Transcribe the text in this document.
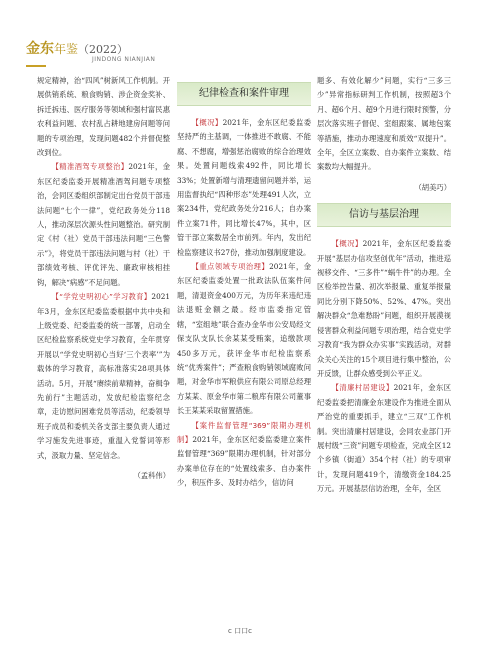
金东年鉴（2022）
JINDONG NIANJIAN

规定精神，治“四风”树新风工作机制。开展供销系统、粮食购销、涉企资金奖补、拆迁拆违、医疗服务等领域和强村富民惠农利益问题、农村乱占耕地建房问题等问题的专项治理，发现问题482个并督促整改到位。

【精准酒驾专项整治】2021年，金东区纪委监委开展精准酒驾问题专项整治，会同区委组织部制定出台党员干部违法问题“七个一律”，党纪政务处分118人，推动深层次源头性问题整治。研究制定《村（社）党员干部违法问题“三色警示”》，将党员干部违法问题与村（社）干部绩效考核、评优评先、廉政审核相挂钩，解决“病感”不足问题。

【“学党史明初心”学习教育】2021年3月，金东区纪委监委根据中共中央和上级党委、纪委监委的统一部署，启动全区纪检监察系统党史学习教育，全年贯穿开展以“学党史明初心当好‘三个表率’”为载体的学习教育，高标准落实28项具体活动。5月，开展“赓续前辈精神，奋楫争先前行”主题活动，发放纪检监察纪念章，走访慰问困难党员等活动，纪委领导班子成员和委机关各支部主要负责人通过学习施发先进事迹，重温入党誓词等形式，汲取力量、坚定信念。

（孟科伟）

纪律检查和案件审理

【概况】2021年，金东区纪委监委坚持严的主基调，一体推进不敢腐、不能腐、不想腐，增强惩治腐败的综合治理效果。处置问题线索492件，同比增长33%；处置新增与清理遗留问题并举，运用监督执纪“四种形态”处理491人次，立案234件，党纪政务处分216人；自办案件立案71件，同比增长47%，其中，区管干部立案数居全市前列。年内，发出纪检监察建议书27份，推动加强制度建设。

【重点领域专项治理】2021年，金东区纪委监委处置一批政法队伍案件问题，清退资金400万元，为历年来违纪违法退赃金额之最。经市监委指定管辖，“室组地”联合查办金华市公安局经文保支队支队长余某某受贿案，追缴款项450多万元，获评金华市纪检监察系统“优秀案件”；严查粮食购销领域腐败问题，对金华市军粮供应有限公司原总经理方某某、原金华市第二粮库有限公司董事长王某某采取留置措施。

【案件监督管理“369”限期办理机制】2021年，金东区纪委监委建立案件监督管理“369”限期办理机制，针对部分办案单位存在的“处置线索多、自办案件少，积压件多、及时办结少，信访问

题多、有效化解少”问题，实行“三多三少”异常指标研判工作机制，按照超3个月、超6个月、超9个月进行限时预警，分层次落实班子督促、室组跟案、属地包案等措施，推动办理速度和质效“双提升”。全年，全区立案数、自办案件立案数、结案数均大幅提升。

（胡美巧）

信访与基层治理

【概况】2021年，金东区纪委监委开展“基层办信攻坚创优年”活动，推进巡视移交件、“三多件”“蜗牛件”的办理。全区检举控告量、初次举报量、重复举报量同比分别下降50%、52%、47%。突出解决群众“急难愁盼”问题，组织开展漠视侵害群众利益问题专项治理，结合党史学习教育“我为群众办实事”实践活动，对群众关心关注的15个项目进行集中整治，公开反馈，让群众感受到公平正义。

【清廉村居建设】2021年，金东区纪委监委把清廉金东建设作为推进全面从严治党的重要抓手，建立“三双”工作机制。突出清廉村居建设，会同农业部门开展村级“三资”问题专项检查，完成全区12个乡镇（街道）354个村（社）的专项审计，发现问题419个，清缴资金184.25万元。开展基层信访治理，全年，全区

c 口口c
